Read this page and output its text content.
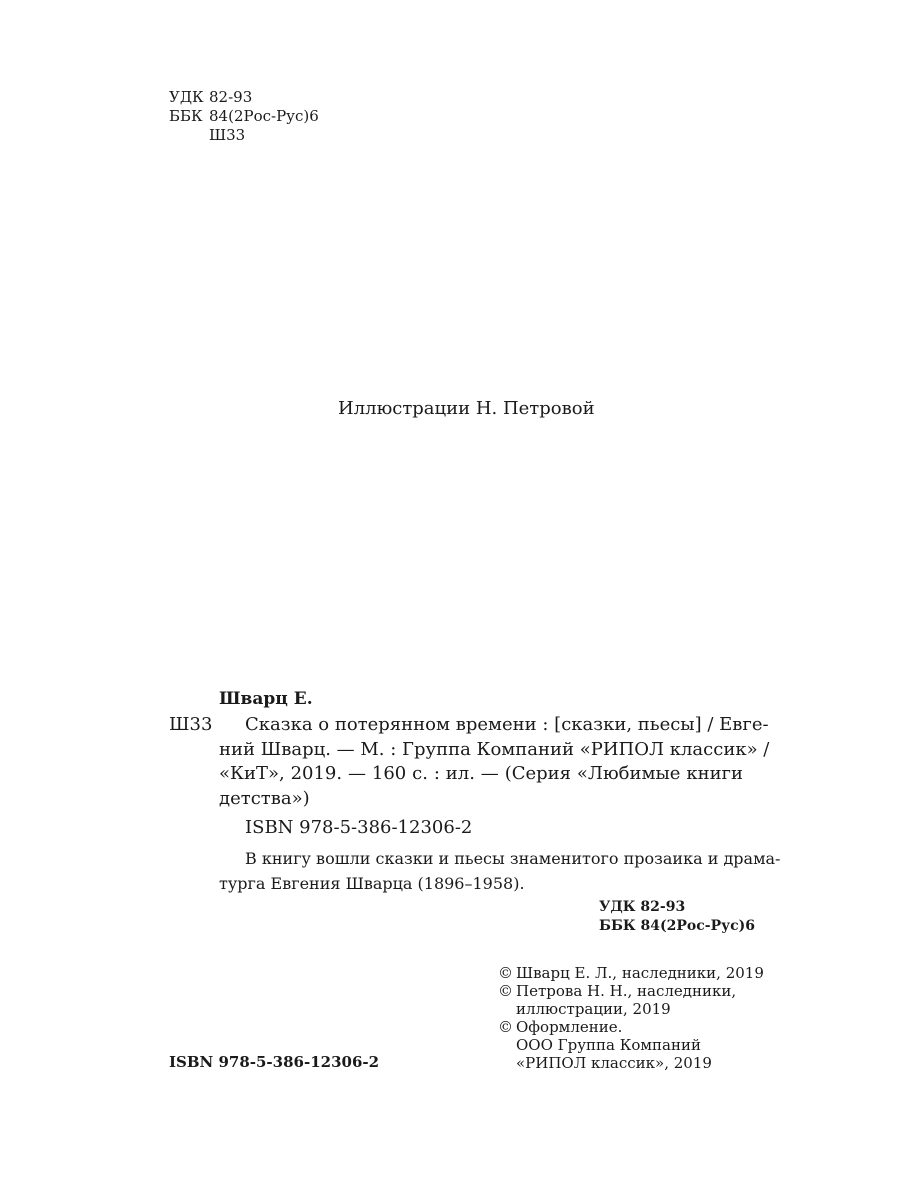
УДК 82-93
ББК 84(2Рос-Рус)6
Ш33
Иллюстрации Н. Петровой
Шварц Е.
Ш33	Сказка о потерянном времени : [сказки, пьесы] / Евге-
ний Шварц. — М. : Группа Компаний «РИПОЛ классик» /
«КиТ», 2019. — 160 с. : ил. — (Серия «Любимые книги
детства»)
ISBN 978-5-386-12306-2
В книгу вошли сказки и пьесы знаменитого прозаика и драма-
турга Евгения Шварца (1896–1958).
УДК 82-93
ББК 84(2Рос-Рус)6
© Шварц Е. Л., наследники, 2019
© Петрова Н. Н., наследники,
иллюстрации, 2019
© Оформление.
ООО Группа Компаний
«РИПОЛ классик», 2019
ISBN 978-5-386-12306-2
